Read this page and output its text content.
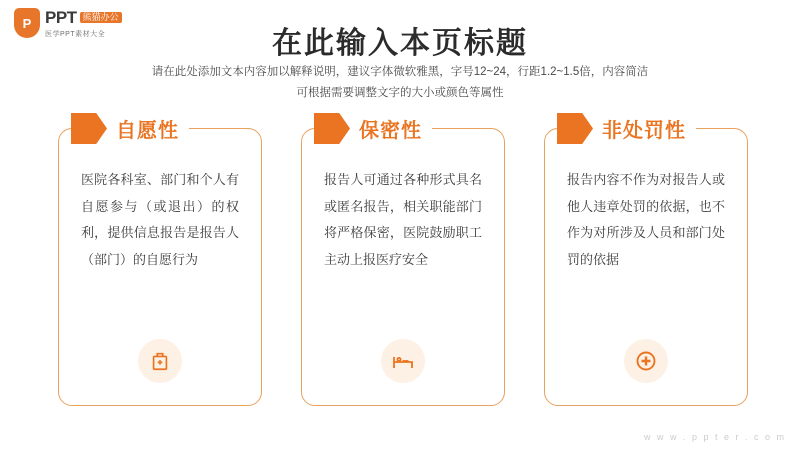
P PPT 熊猫办公
医学PPT素材大全	在此输入本页标题
请在此处添加文本内容加以解释说明，建议字体微软雅黑，字号12~24，行距1.2~1.5倍，内容简洁
可根据需要调整文字的大小或颜色等属性
自愿性
医院各科室、部门和个人有自愿参与（或退出）的权利，提供信息报告是报告人（部门）的自愿行为
保密性
报告人可通过各种形式具名或匿名报告，相关职能部门将严格保密，医院鼓励职工主动上报医疗安全
非处罚性
报告内容不作为对报告人或他人违章处罚的依据，也不作为对所涉及人员和部门处罚的依据
w w w . p p t e r . c o m
